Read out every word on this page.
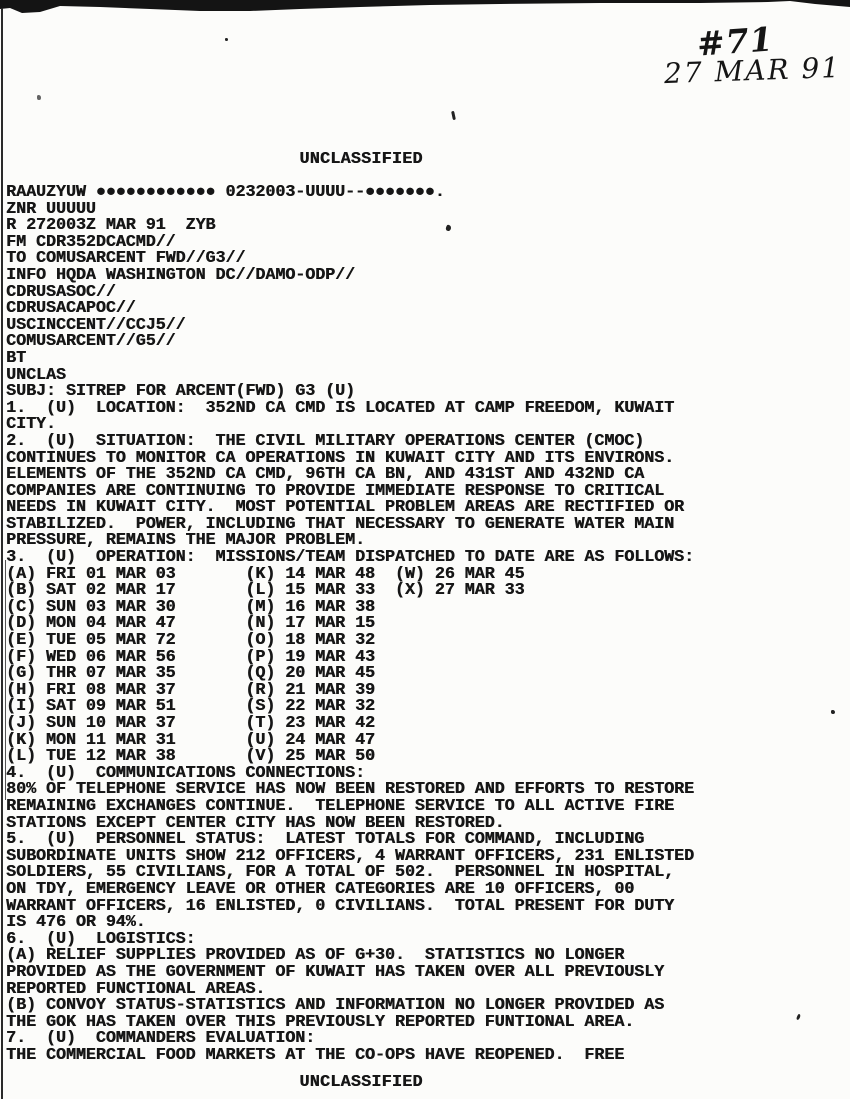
#71
27 MAR 91
UNCLASSIFIED
RAAUZYUW ●●●●●●●●●●●● 0232003-UUUU--●●●●●●●.
ZNR UUUUU
R 272003Z MAR 91  ZYB
FM CDR352DCACMD//
TO COMUSARCENT FWD//G3//
INFO HQDA WASHINGTON DC//DAMO-ODP//
CDRUSASOC//
CDRUSACAPOC//
USCINCCENT//CCJ5//
COMUSARCENT//G5//
BT
UNCLAS
SUBJ: SITREP FOR ARCENT(FWD) G3 (U)
1.  (U)  LOCATION:  352ND CA CMD IS LOCATED AT CAMP FREEDOM, KUWAIT
CITY.
2.  (U)  SITUATION:  THE CIVIL MILITARY OPERATIONS CENTER (CMOC)
CONTINUES TO MONITOR CA OPERATIONS IN KUWAIT CITY AND ITS ENVIRONS.
ELEMENTS OF THE 352ND CA CMD, 96TH CA BN, AND 431ST AND 432ND CA
COMPANIES ARE CONTINUING TO PROVIDE IMMEDIATE RESPONSE TO CRITICAL
NEEDS IN KUWAIT CITY.  MOST POTENTIAL PROBLEM AREAS ARE RECTIFIED OR
STABILIZED.  POWER, INCLUDING THAT NECESSARY TO GENERATE WATER MAIN
PRESSURE, REMAINS THE MAJOR PROBLEM.
3.  (U)  OPERATION:  MISSIONS/TEAM DISPATCHED TO DATE ARE AS FOLLOWS:
(A) FRI 01 MAR 03       (K) 14 MAR 48  (W) 26 MAR 45
(B) SAT 02 MAR 17       (L) 15 MAR 33  (X) 27 MAR 33
(C) SUN 03 MAR 30       (M) 16 MAR 38
(D) MON 04 MAR 47       (N) 17 MAR 15
(E) TUE 05 MAR 72       (O) 18 MAR 32
(F) WED 06 MAR 56       (P) 19 MAR 43
(G) THR 07 MAR 35       (Q) 20 MAR 45
(H) FRI 08 MAR 37       (R) 21 MAR 39
(I) SAT 09 MAR 51       (S) 22 MAR 32
(J) SUN 10 MAR 37       (T) 23 MAR 42
(K) MON 11 MAR 31       (U) 24 MAR 47
(L) TUE 12 MAR 38       (V) 25 MAR 50
4.  (U)  COMMUNICATIONS CONNECTIONS:
80% OF TELEPHONE SERVICE HAS NOW BEEN RESTORED AND EFFORTS TO RESTORE
REMAINING EXCHANGES CONTINUE.  TELEPHONE SERVICE TO ALL ACTIVE FIRE
STATIONS EXCEPT CENTER CITY HAS NOW BEEN RESTORED.
5.  (U)  PERSONNEL STATUS:  LATEST TOTALS FOR COMMAND, INCLUDING
SUBORDINATE UNITS SHOW 212 OFFICERS, 4 WARRANT OFFICERS, 231 ENLISTED
SOLDIERS, 55 CIVILIANS, FOR A TOTAL OF 502.  PERSONNEL IN HOSPITAL,
ON TDY, EMERGENCY LEAVE OR OTHER CATEGORIES ARE 10 OFFICERS, 00
WARRANT OFFICERS, 16 ENLISTED, 0 CIVILIANS.  TOTAL PRESENT FOR DUTY
IS 476 OR 94%.
6.  (U)  LOGISTICS:
(A) RELIEF SUPPLIES PROVIDED AS OF G+30.  STATISTICS NO LONGER
PROVIDED AS THE GOVERNMENT OF KUWAIT HAS TAKEN OVER ALL PREVIOUSLY
REPORTED FUNCTIONAL AREAS.
(B) CONVOY STATUS-STATISTICS AND INFORMATION NO LONGER PROVIDED AS
THE GOK HAS TAKEN OVER THIS PREVIOUSLY REPORTED FUNTIONAL AREA.
7.  (U)  COMMANDERS EVALUATION:
THE COMMERCIAL FOOD MARKETS AT THE CO-OPS HAVE REOPENED.  FREE
UNCLASSIFIED
